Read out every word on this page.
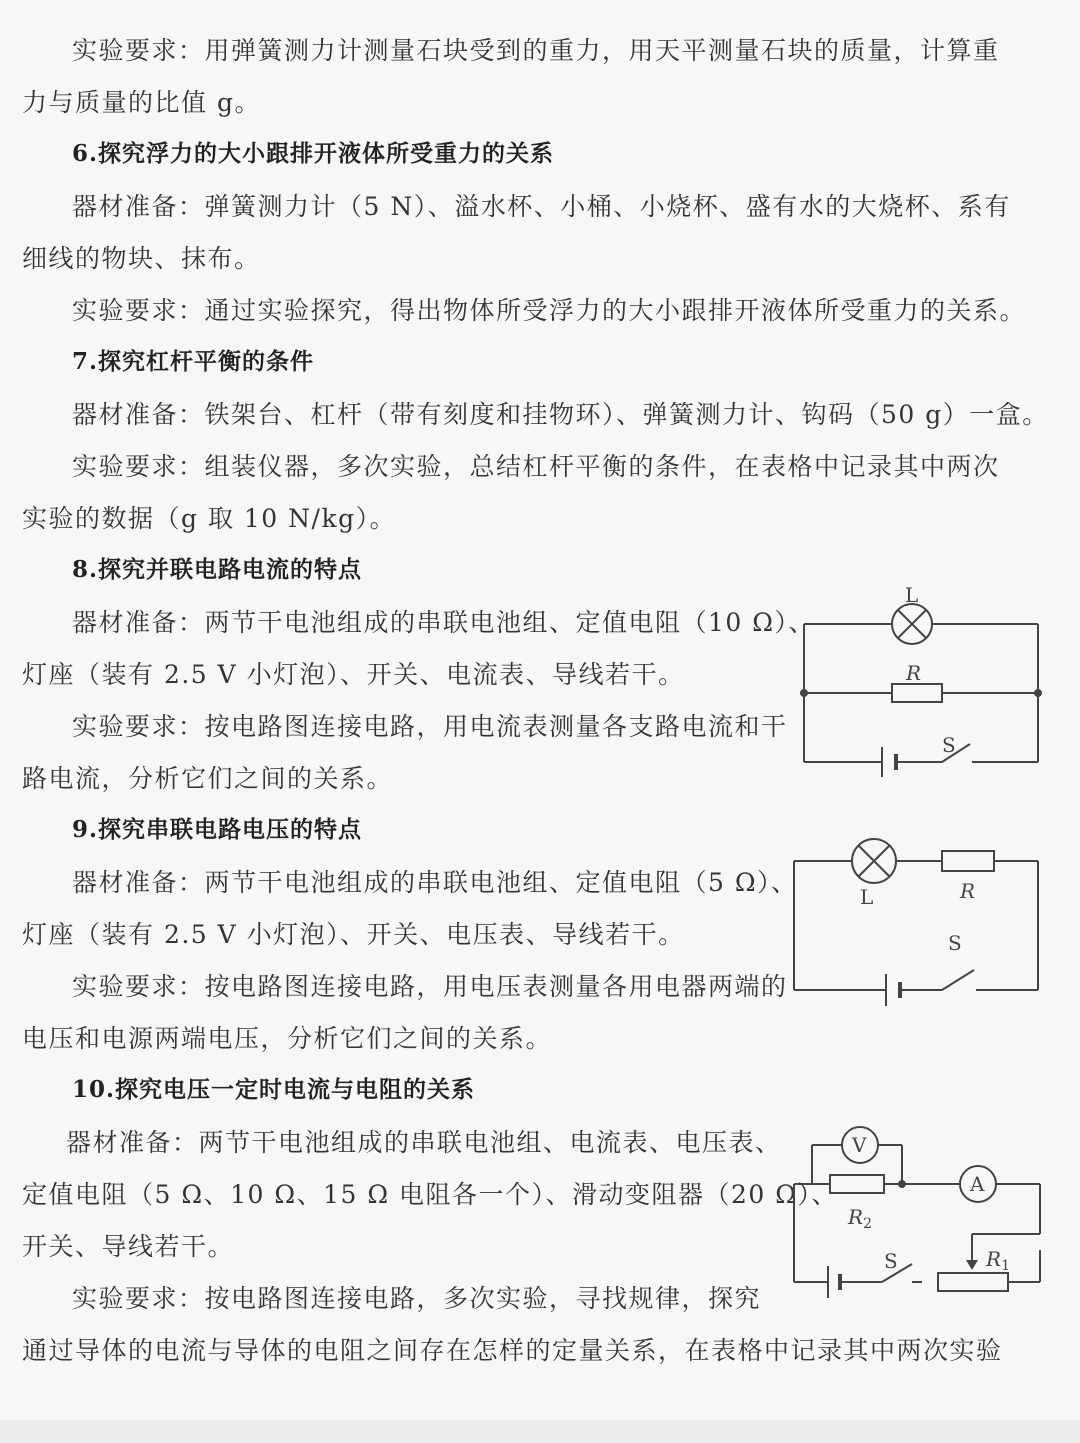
实验要求：用弹簧测力计测量石块受到的重力，用天平测量石块的质量，计算重
力与质量的比值 g。
6.探究浮力的大小跟排开液体所受重力的关系
器材准备：弹簧测力计（5 N）、溢水杯、小桶、小烧杯、盛有水的大烧杯、系有
细线的物块、抹布。
实验要求：通过实验探究，得出物体所受浮力的大小跟排开液体所受重力的关系。
7.探究杠杆平衡的条件
器材准备：铁架台、杠杆（带有刻度和挂物环）、弹簧测力计、钩码（50 g）一盒。
实验要求：组装仪器，多次实验，总结杠杆平衡的条件，在表格中记录其中两次
实验的数据（g 取 10 N/kg）。
8.探究并联电路电流的特点
器材准备：两节干电池组成的串联电池组、定值电阻（10 Ω）、
灯座（装有 2.5 V 小灯泡）、开关、电流表、导线若干。
实验要求：按电路图连接电路，用电流表测量各支路电流和干
路电流，分析它们之间的关系。
9.探究串联电路电压的特点
器材准备：两节干电池组成的串联电池组、定值电阻（5 Ω）、
灯座（装有 2.5 V 小灯泡）、开关、电压表、导线若干。
实验要求：按电路图连接电路，用电压表测量各用电器两端的
电压和电源两端电压，分析它们之间的关系。
10.探究电压一定时电流与电阻的关系
器材准备：两节干电池组成的串联电池组、电流表、电压表、
定值电阻（5 Ω、10 Ω、15 Ω 电阻各一个）、滑动变阻器（20 Ω）、
开关、导线若干。
实验要求：按电路图连接电路，多次实验，寻找规律，探究
通过导体的电流与导体的电阻之间存在怎样的定量关系，在表格中记录其中两次实验
L
R
S
L	R
S
V
A
$R_2$
$R_1$
S
